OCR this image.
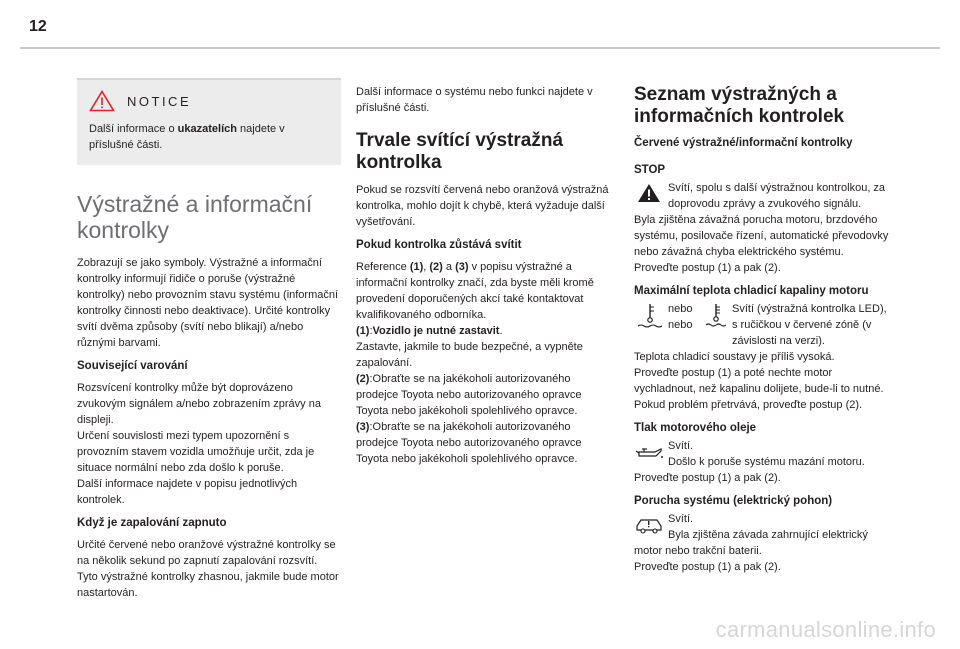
12
NOTICE

Další informace o ukazatelích najdete v příslušné části.

Výstražné a informační kontrolky

Zobrazují se jako symboly. Výstražné a informační kontrolky informují řidiče o poruše (výstražné kontrolky) nebo provozním stavu systému (informační kontrolky činnosti nebo deaktivace). Určité kontrolky svítí dvěma způsoby (svítí nebo blikají) a/nebo různými barvami.

Související varování

Rozsvícení kontrolky může být doprovázeno zvukovým signálem a/nebo zobrazením zprávy na displeji.

Určení souvislosti mezi typem upozornění s provozním stavem vozidla umožňuje určit, zda je situace normální nebo zda došlo k poruše.

Další informace najdete v popisu jednotlivých kontrolek.

Když je zapalování zapnuto

Určité červené nebo oranžové výstražné kontrolky se na několik sekund po zapnutí zapalování rozsvítí. Tyto výstražné kontrolky zhasnou, jakmile bude motor nastartován.

Další informace o systému nebo funkci najdete v příslušné části.

Trvale svítící výstražná kontrolka

Pokud se rozsvítí červená nebo oranžová výstražná kontrolka, mohlo dojít k chybě, která vyžaduje další vyšetřování.

Pokud kontrolka zůstává svítit

Reference (1), (2) a (3) v popisu výstražné a informační kontrolky značí, zda byste měli kromě provedení doporučených akcí také kontaktovat kvalifikovaného odborníka.

(1):Vozidlo je nutné zastavit.

Zastavte, jakmile to bude bezpečné, a vypněte zapalování.

(2):Obraťte se na jakékoholi autorizovaného prodejce Toyota nebo autorizovaného opravce Toyota nebo jakékoholi spolehlivého opravce.

(3):Obraťte se na jakékoholi autorizovaného prodejce Toyota nebo autorizovaného opravce Toyota nebo jakékoholi spolehlivého opravce.

Seznam výstražných a informačních kontrolek
Červené výstražné/informační kontrolky
STOP

Svítí, spolu s další výstražnou kontrolkou, za doprovodu zprávy a zvukového signálu.

Byla zjištěna závažná porucha motoru, brzdového systému, posilovače řízení, automatické převodovky nebo závažná chyba elektrického systému.

Proveďte postup (1) a pak (2).

Maximální teplota chladicí kapaliny motoru

nebo

nebo

Svítí (výstražná kontrolka LED), s ručičkou v červené zóně (v závislosti na verzi).

Teplota chladicí soustavy je příliš vysoká.

Proveďte postup (1) a poté nechte motor vychladnout, než kapalinu dolijete, bude-li to nutné. Pokud problém přetrvává, proveďte postup (2).

Tlak motorového oleje

Svítí.

Došlo k poruše systému mazání motoru.

Proveďte postup (1) a pak (2).

Porucha systému (elektrický pohon)

Svítí.

Byla zjištěna závada zahrnující elektrický motor nebo trakční baterii.

Proveďte postup (1) a pak (2).

carmanualsonline.info
